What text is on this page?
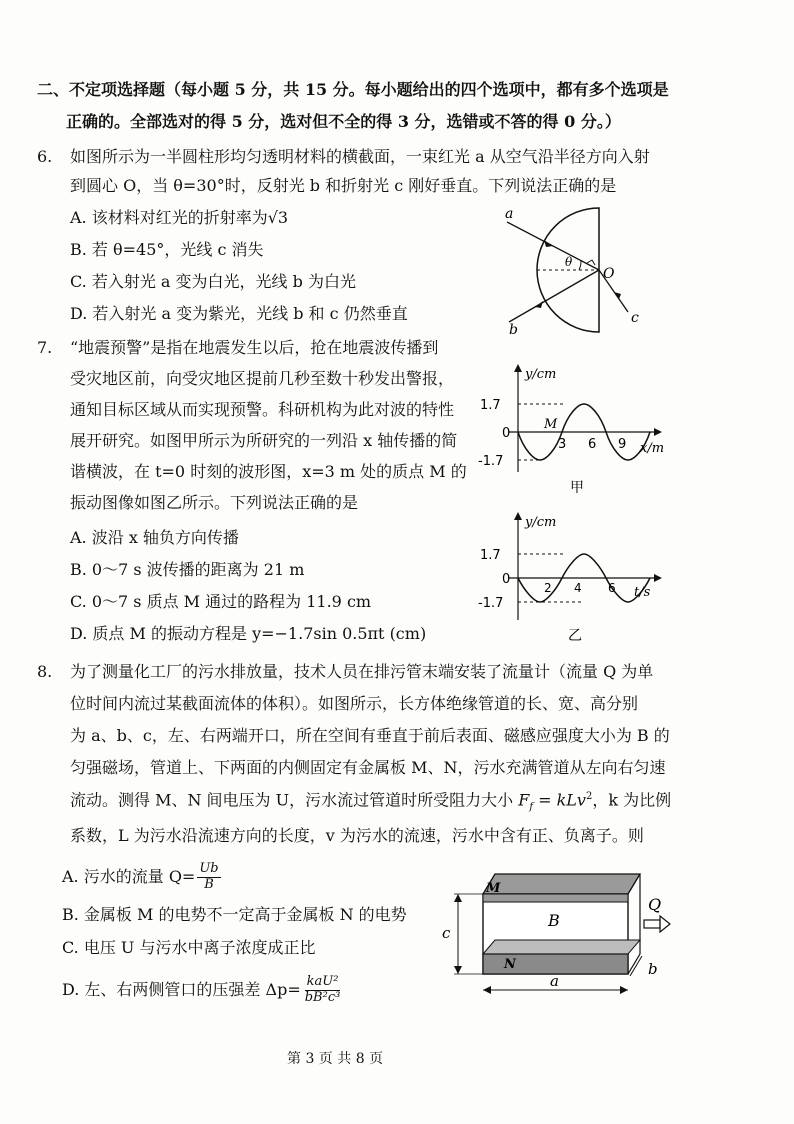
二、不定项选择题（每小题 5 分，共 15 分。每小题给出的四个选项中，都有多个选项是
正确的。全部选对的得 5 分，选对但不全的得 3 分，选错或不答的得 0 分。）
6. 如图所示为一半圆柱形均匀透明材料的横截面，一束红光 a 从空气沿半径方向入射
到圆心 O，当 θ=30°时，反射光 b 和折射光 c 刚好垂直。下列说法正确的是
A. 该材料对红光的折射率为√3
B. 若 θ=45°，光线 c 消失
C. 若入射光 a 变为白光，光线 b 为白光
D. 若入射光 a 变为紫光，光线 b 和 c 仍然垂直
a
b
c
O
θ
7. “地震预警”是指在地震发生以后，抢在地震波传播到
受灾地区前，向受灾地区提前几秒至数十秒发出警报，
通知目标区域从而实现预警。科研机构为此对波的特性
展开研究。如图甲所示为所研究的一列沿 x 轴传播的简
谐横波，在 t=0 时刻的波形图，x=3 m 处的质点 M 的
振动图像如图乙所示。下列说法正确的是
A. 波沿 x 轴负方向传播
B. 0～7 s 波传播的距离为 21 m
C. 0～7 s 质点 M 通过的路程为 11.9 cm
D. 质点 M 的振动方程是 y=−1.7sin 0.5πt (cm)
y/cm
1.7
0
-1.7
M
3 6 9 x/m
甲
y/cm
1.7
0
-1.7
2 4 6 t/s
乙
8. 为了测量化工厂的污水排放量，技术人员在排污管末端安装了流量计（流量 Q 为单
位时间内流过某截面流体的体积）。如图所示，长方体绝缘管道的长、宽、高分别
为 a、b、c，左、右两端开口，所在空间有垂直于前后表面、磁感应强度大小为 B 的
匀强磁场，管道上、下两面的内侧固定有金属板 M、N，污水充满管道从左向右匀速
流动。测得 M、N 间电压为 U，污水流过管道时所受阻力大小 $F_f = kLv^2$，k 为比例
系数，L 为污水沿流速方向的长度，v 为污水的流速，污水中含有正、负离子。则
A. 污水的流量 $Q= \frac{Ub}{B}$
B. 金属板 M 的电势不一定高于金属板 N 的电势
C. 电压 U 与污水中离子浓度成正比
D. 左、右两侧管口的压强差 $\Delta p= \frac{\text{kaU²}}{\text{bB²c³}}$
M
N
B
Q
a
b
c
第 3 页 共 8 页
